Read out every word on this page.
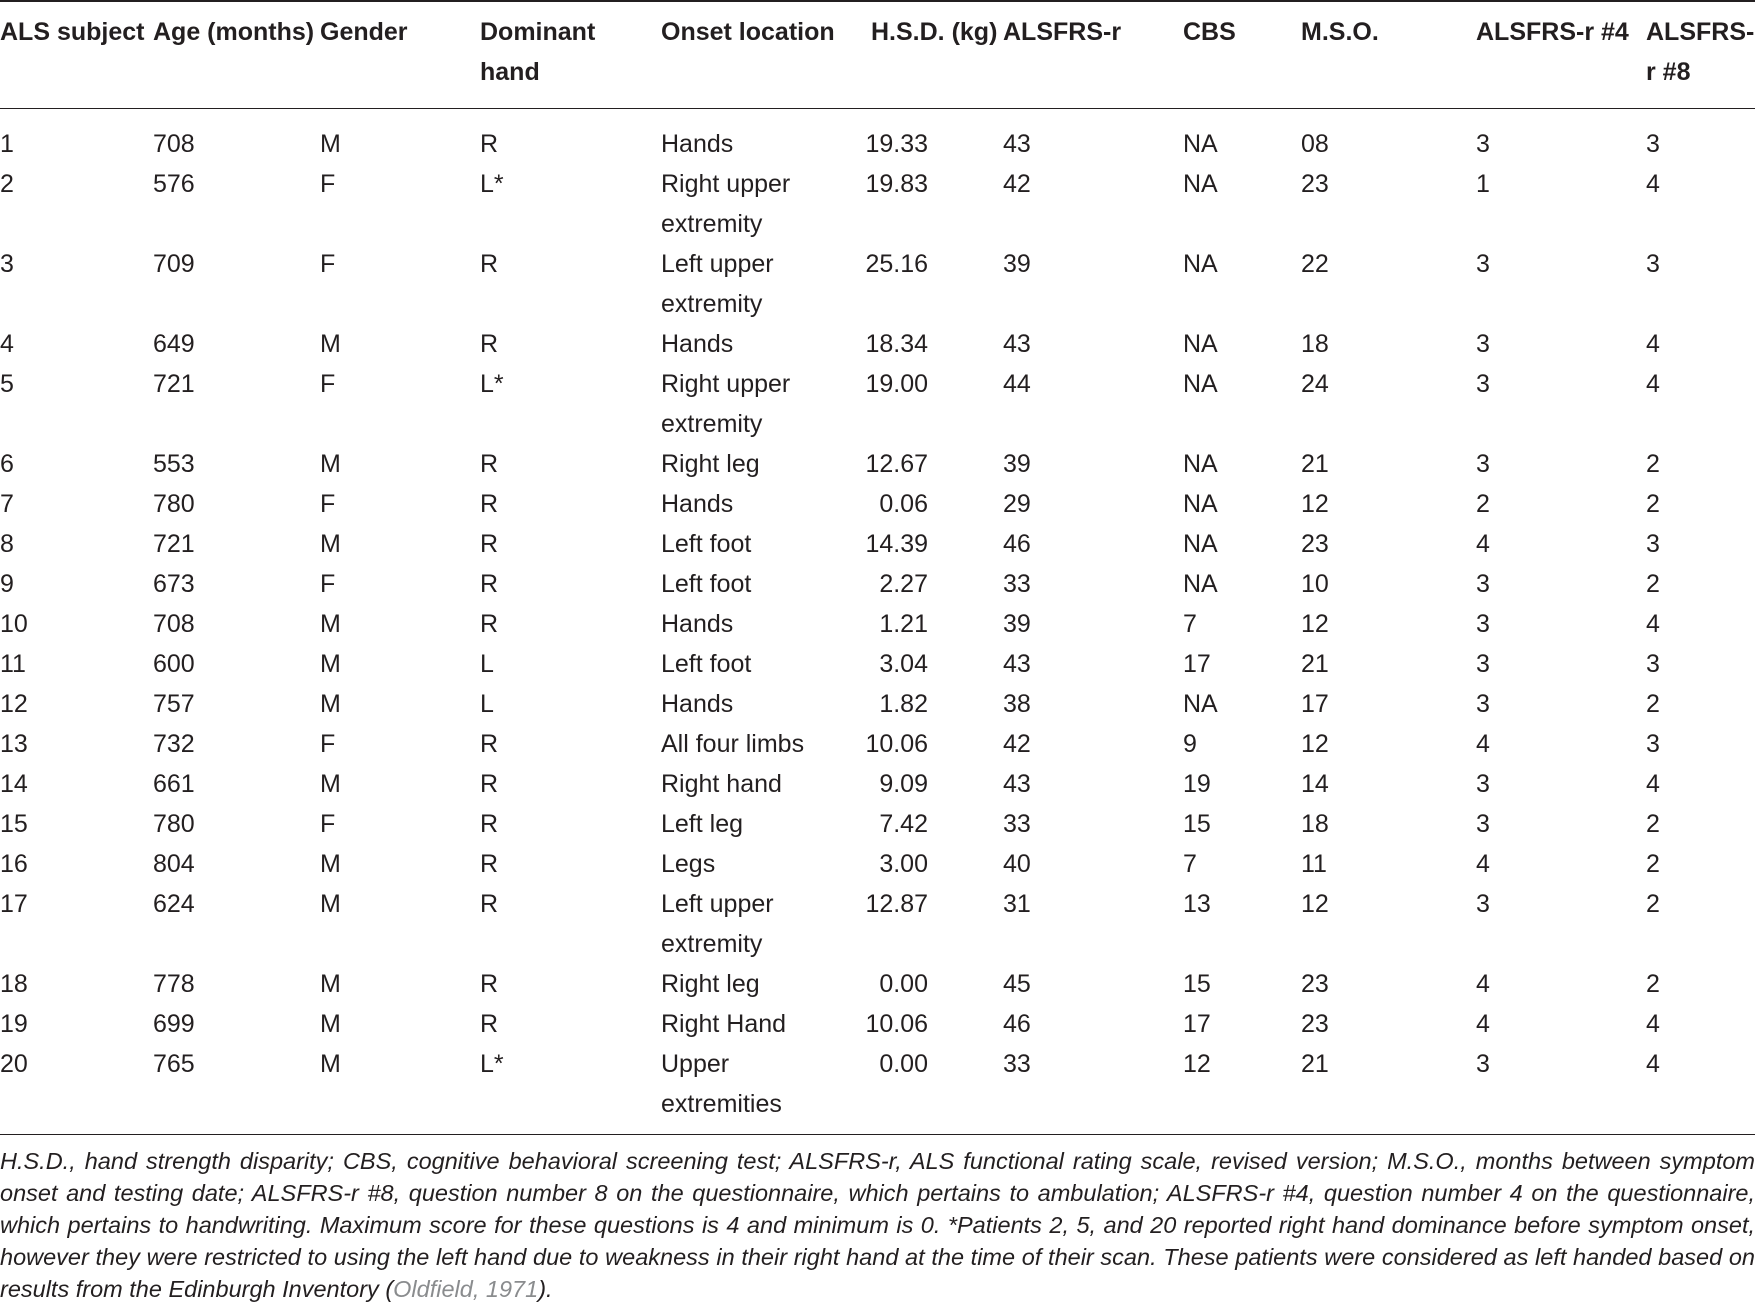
ALS subject	Age (months)	Gender	Dominant hand	Onset location	H.S.D. (kg)	ALSFRS-r	CBS	M.S.O.	ALSFRS-r #4	ALSFRS-r #8

1	708	M	R	Hands	19.33	43	NA	08	3	3
2	576	F	L*	Right upper extremity	19.83	42	NA	23	1	4
3	709	F	R	Left upper extremity	25.16	39	NA	22	3	3
4	649	M	R	Hands	18.34	43	NA	18	3	4
5	721	F	L*	Right upper extremity	19.00	44	NA	24	3	4
6	553	M	R	Right leg	12.67	39	NA	21	3	2
7	780	F	R	Hands	0.06	29	NA	12	2	2
8	721	M	R	Left foot	14.39	46	NA	23	4	3
9	673	F	R	Left foot	2.27	33	NA	10	3	2
10	708	M	R	Hands	1.21	39	7	12	3	4
11	600	M	L	Left foot	3.04	43	17	21	3	3
12	757	M	L	Hands	1.82	38	NA	17	3	2
13	732	F	R	All four limbs	10.06	42	9	12	4	3
14	661	M	R	Right hand	9.09	43	19	14	3	4
15	780	F	R	Left leg	7.42	33	15	18	3	2
16	804	M	R	Legs	3.00	40	7	11	4	2
17	624	M	R	Left upper extremity	12.87	31	13	12	3	2
18	778	M	R	Right leg	0.00	45	15	23	4	2
19	699	M	R	Right Hand	10.06	46	17	23	4	4
20	765	M	L*	Upper extremities	0.00	33	12	21	3	4

H.S.D., hand strength disparity; CBS, cognitive behavioral screening test; ALSFRS-r, ALS functional rating scale, revised version; M.S.O., months between symptom onset and testing date; ALSFRS-r #8, question number 8 on the questionnaire, which pertains to ambulation; ALSFRS-r #4, question number 4 on the questionnaire, which pertains to handwriting. Maximum score for these questions is 4 and minimum is 0. *Patients 2, 5, and 20 reported right hand dominance before symptom onset, however they were restricted to using the left hand due to weakness in their right hand at the time of their scan. These patients were considered as left handed based on results from the Edinburgh Inventory (Oldfield, 1971).
